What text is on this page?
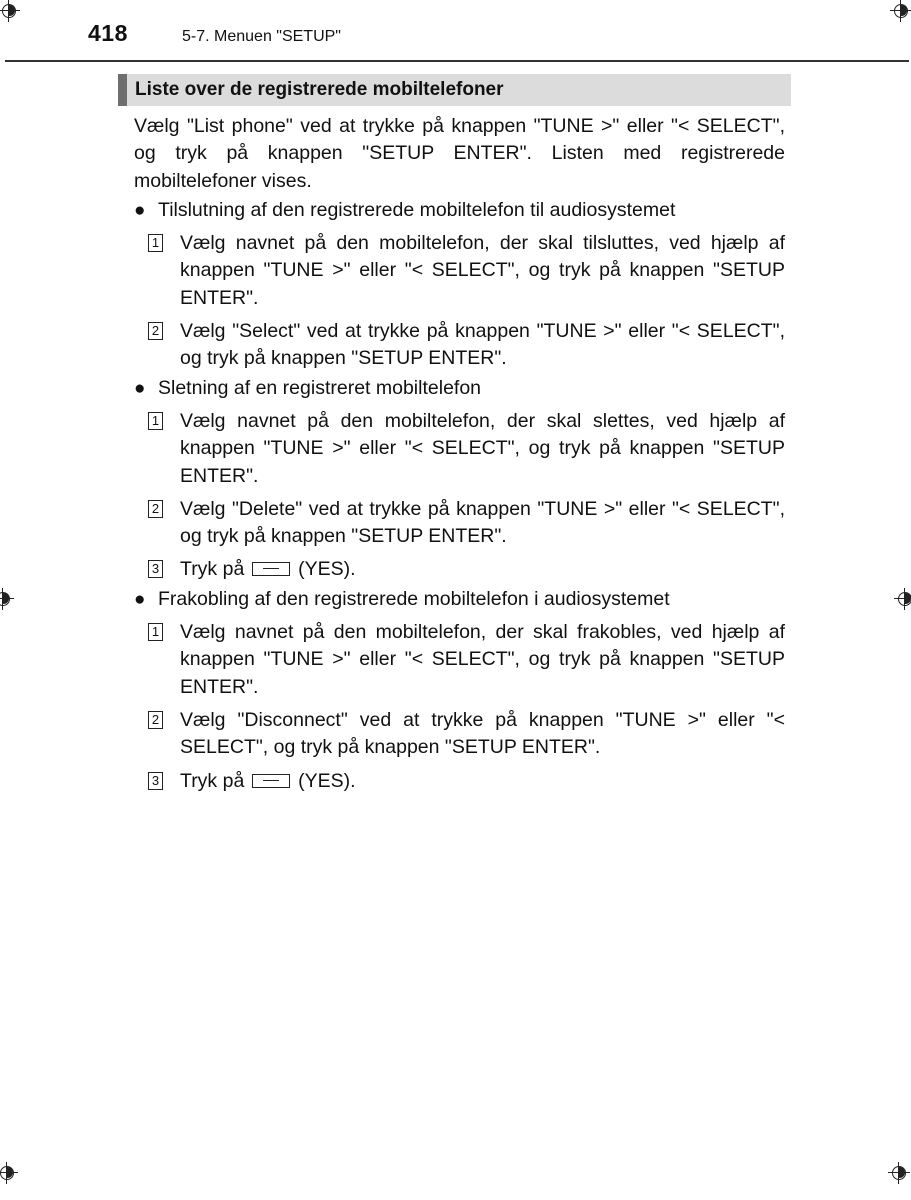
418	5-7. Menuen "SETUP"
Liste over de registrerede mobiltelefoner
Vælg "List phone" ved at trykke på knappen "TUNE >" eller "< SELECT", og tryk på knappen "SETUP ENTER". Listen med registrerede mobiltelefoner vises.
● Tilslutning af den registrerede mobiltelefon til audiosystemet
1 Vælg navnet på den mobiltelefon, der skal tilsluttes, ved hjælp af knappen "TUNE >" eller "< SELECT", og tryk på knappen "SETUP ENTER".
2 Vælg "Select" ved at trykke på knappen "TUNE >" eller "< SELECT", og tryk på knappen "SETUP ENTER".
● Sletning af en registreret mobiltelefon
1 Vælg navnet på den mobiltelefon, der skal slettes, ved hjælp af knappen "TUNE >" eller "< SELECT", og tryk på knappen "SETUP ENTER".
2 Vælg "Delete" ved at trykke på knappen "TUNE >" eller "< SELECT", og tryk på knappen "SETUP ENTER".
3 Tryk på	(YES).
● Frakobling af den registrerede mobiltelefon i audiosystemet
1 Vælg navnet på den mobiltelefon, der skal frakobles, ved hjælp af knappen "TUNE >" eller "< SELECT", og tryk på knappen "SETUP ENTER".
2 Vælg "Disconnect" ved at trykke på knappen "TUNE >" eller "< SELECT", og tryk på knappen "SETUP ENTER".
3 Tryk på	(YES).
